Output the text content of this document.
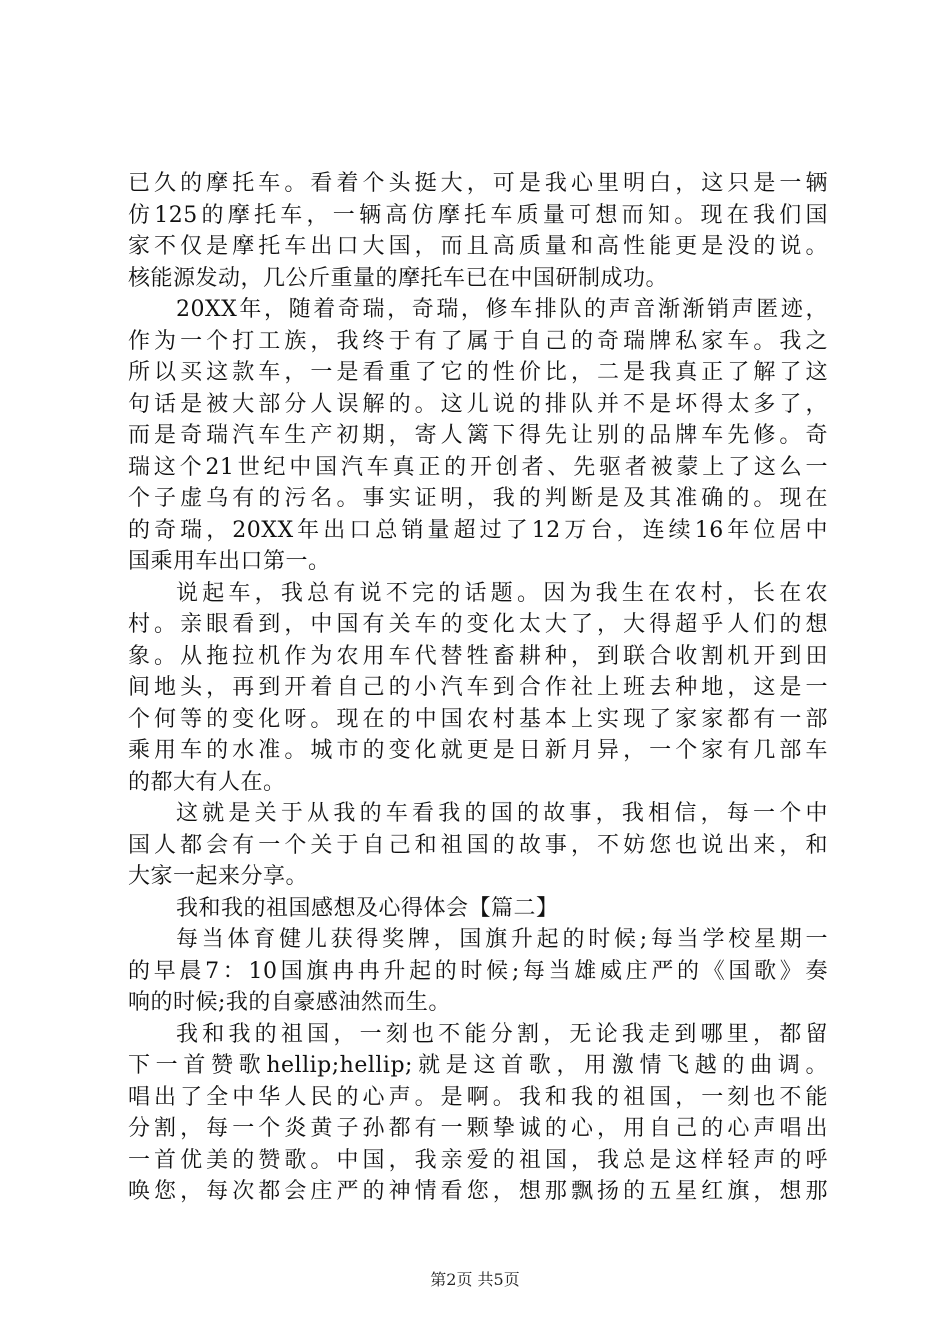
已久的摩托车。看着个头挺大，可是我心里明白，这只是一辆
仿125的摩托车，一辆高仿摩托车质量可想而知。现在我们国
家不仅是摩托车出口大国，而且高质量和高性能更是没的说。
核能源发动，几公斤重量的摩托车已在中国研制成功。
20XX年，随着奇瑞，奇瑞，修车排队的声音渐渐销声匿迹，
作为一个打工族，我终于有了属于自己的奇瑞牌私家车。我之
所以买这款车，一是看重了它的性价比，二是我真正了解了这
句话是被大部分人误解的。这儿说的排队并不是坏得太多了，
而是奇瑞汽车生产初期，寄人篱下得先让别的品牌车先修。奇
瑞这个21世纪中国汽车真正的开创者、先驱者被蒙上了这么一
个子虚乌有的污名。事实证明，我的判断是及其准确的。现在
的奇瑞，20XX年出口总销量超过了12万台，连续16年位居中
国乘用车出口第一。
说起车，我总有说不完的话题。因为我生在农村，长在农
村。亲眼看到，中国有关车的变化太大了，大得超乎人们的想
象。从拖拉机作为农用车代替牲畜耕种，到联合收割机开到田
间地头，再到开着自己的小汽车到合作社上班去种地，这是一
个何等的变化呀。现在的中国农村基本上实现了家家都有一部
乘用车的水准。城市的变化就更是日新月异，一个家有几部车
的都大有人在。
这就是关于从我的车看我的国的故事，我相信，每一个中
国人都会有一个关于自己和祖国的故事，不妨您也说出来，和
大家一起来分享。
我和我的祖国感想及心得体会【篇二】
每当体育健儿获得奖牌，国旗升起的时候;每当学校星期一
的早晨7：10国旗冉冉升起的时候;每当雄威庄严的《国歌》奏
响的时候;我的自豪感油然而生。
我和我的祖国，一刻也不能分割，无论我走到哪里，都留
下一首赞歌hellip;hellip;就是这首歌，用激情飞越的曲调。
唱出了全中华人民的心声。是啊。我和我的祖国，一刻也不能
分割，每一个炎黄子孙都有一颗挚诚的心，用自己的心声唱出
一首优美的赞歌。中国，我亲爱的祖国，我总是这样轻声的呼
唤您，每次都会庄严的神情看您，想那飘扬的五星红旗，想那
第2页 共5页
